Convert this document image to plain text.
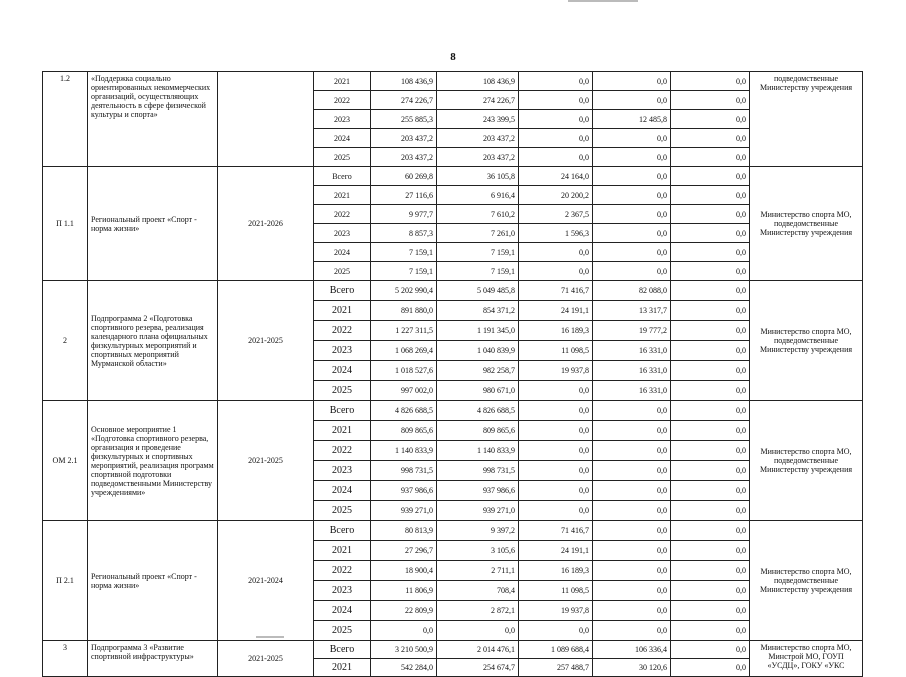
8
1.2	«Поддержка социально ориентированных некоммерческих организаций, осуществляющих деятельность в сфере физической культуры и спорта»		2021	108 436,9	108 436,9	0,0	0,0	0,0	подведомственные Министерству учреждения
			2022	274 226,7	274 226,7	0,0	0,0	0,0	
			2023	255 885,3	243 399,5	0,0	12 485,8	0,0	
			2024	203 437,2	203 437,2	0,0	0,0	0,0	
			2025	203 437,2	203 437,2	0,0	0,0	0,0	
П 1.1	Региональный проект «Спорт - норма жизни»	2021-2026	Всего	60 269,8	36 105,8	24 164,0	0,0	0,0	Министерство спорта МО, подведомственные Министерству учреждения
			2021	27 116,6	6 916,4	20 200,2	0,0	0,0	
			2022	9 977,7	7 610,2	2 367,5	0,0	0,0	
			2023	8 857,3	7 261,0	1 596,3	0,0	0,0	
			2024	7 159,1	7 159,1	0,0	0,0	0,0	
			2025	7 159,1	7 159,1	0,0	0,0	0,0	
2	Подпрограмма 2 «Подготовка спортивного резерва, реализация календарного плана официальных физкультурных мероприятий и спортивных мероприятий Мурманской области»	2021-2025	Всего	5 202 990,4	5 049 485,8	71 416,7	82 088,0	0,0	Министерство спорта МО, подведомственные Министерству учреждения
			2021	891 880,0	854 371,2	24 191,1	13 317,7	0,0	
			2022	1 227 311,5	1 191 345,0	16 189,3	19 777,2	0,0	
			2023	1 068 269,4	1 040 839,9	11 098,5	16 331,0	0,0	
			2024	1 018 527,6	982 258,7	19 937,8	16 331,0	0,0	
			2025	997 002,0	980 671,0	0,0	16 331,0	0,0	
ОМ 2.1	Основное мероприятие 1 «Подготовка спортивного резерва, организация и проведение физкультурных и спортивных мероприятий, реализация программ спортивной подготовки подведомственными Министерству учреждениями»	2021-2025	Всего	4 826 688,5	4 826 688,5	0,0	0,0	0,0	Министерство спорта МО, подведомственные Министерству учреждения
			2021	809 865,6	809 865,6	0,0	0,0	0,0	
			2022	1 140 833,9	1 140 833,9	0,0	0,0	0,0	
			2023	998 731,5	998 731,5	0,0	0,0	0,0	
			2024	937 986,6	937 986,6	0,0	0,0	0,0	
			2025	939 271,0	939 271,0	0,0	0,0	0,0	
П 2.1	Региональный проект «Спорт - норма жизни»	2021-2024	Всего	80 813,9	9 397,2	71 416,7	0,0	0,0	Министерство спорта МО, подведомственные Министерству учреждения
			2021	27 296,7	3 105,6	24 191,1	0,0	0,0	
			2022	18 900,4	2 711,1	16 189,3	0,0	0,0	
			2023	11 806,9	708,4	11 098,5	0,0	0,0	
			2024	22 809,9	2 872,1	19 937,8	0,0	0,0	
			2025	0,0	0,0	0,0	0,0	0,0	
3	Подпрограмма 3 «Развитие спортивной инфраструктуры»	2021-2025	Всего	3 210 500,9	2 014 476,1	1 089 688,4	106 336,4	0,0	Министерство спорта МО, Минстрой МО, ГОУП «УСДЦ», ГОКУ «УКС
			2021	542 284,0	254 674,7	257 488,7	30 120,6	0,0	
